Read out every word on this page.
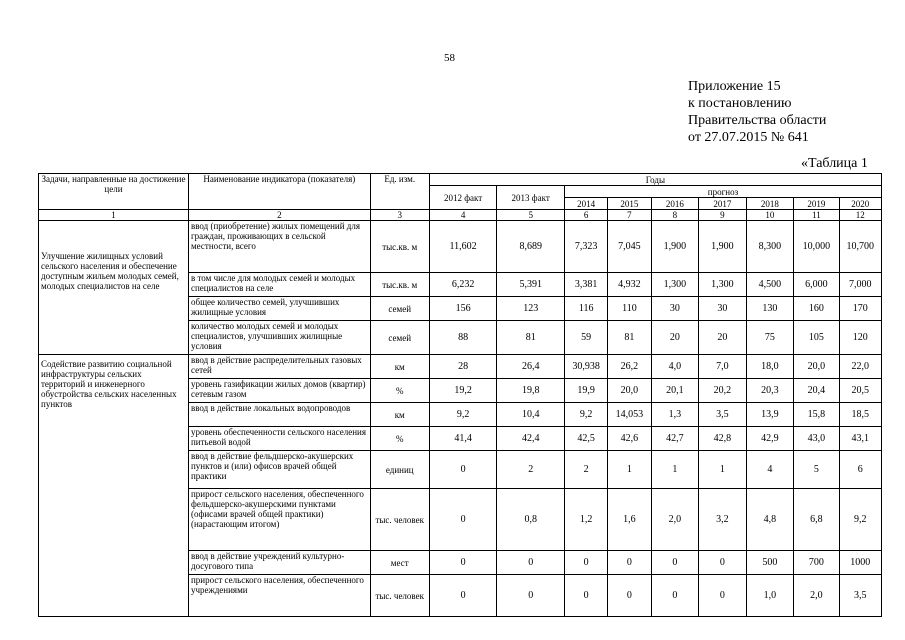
58
Приложение 15
к постановлению
Правительства области
от 27.07.2015 № 641
«Таблица 1
Задачи, направленные на достижение цели	Наименование индикатора (показателя)	Ед. изм.	Годы								
			2012 факт	2013 факт	прогноз						
					2014	2015	2016	2017	2018	2019	2020
1	2	3	4	5	6	7	8	9	10	11	12
Улучшение жилищных условий сельского населения и обеспечение доступным жильем молодых семей, молодых специалистов на селе	ввод (приобретение) жилых помещений для граждан, проживающих в сельской местности, всего	тыс.кв. м	11,602	8,689	7,323	7,045	1,900	1,900	8,300	10,000	10,700
	в том числе для молодых семей и молодых специалистов на селе	тыс.кв. м	6,232	5,391	3,381	4,932	1,300	1,300	4,500	6,000	7,000
	общее количество семей, улучшивших жилищные условия	семей	156	123	116	110	30	30	130	160	170
	количество молодых семей и молодых специалистов, улучшивших жилищные условия	семей	88	81	59	81	20	20	75	105	120
Содействие развитию социальной инфраструктуры сельских территорий и инженерного обустройства сельских населенных пунктов	ввод в действие распределительных газовых сетей	км	28	26,4	30,938	26,2	4,0	7,0	18,0	20,0	22,0
	уровень газификации жилых домов (квартир) сетевым газом	%	19,2	19,8	19,9	20,0	20,1	20,2	20,3	20,4	20,5
	ввод в действие локальных водопроводов	км	9,2	10,4	9,2	14,053	1,3	3,5	13,9	15,8	18,5
	уровень обеспеченности сельского населения питьевой водой	%	41,4	42,4	42,5	42,6	42,7	42,8	42,9	43,0	43,1
	ввод в действие фельдшерско-акушерских пунктов и (или) офисов врачей общей практики	единиц	0	2	2	1	1	1	4	5	6
	прирост сельского населения, обеспеченного фельдшерско-акушерскими пунктами (офисами врачей общей практики) (нарастающим итогом)	тыс. человек	0	0,8	1,2	1,6	2,0	3,2	4,8	6,8	9,2
	ввод в действие учреждений культурно-досугового типа	мест	0	0	0	0	0	0	500	700	1000
	прирост сельского населения, обеспеченного учреждениями	тыс. человек	0	0	0	0	0	0	1,0	2,0	3,5
